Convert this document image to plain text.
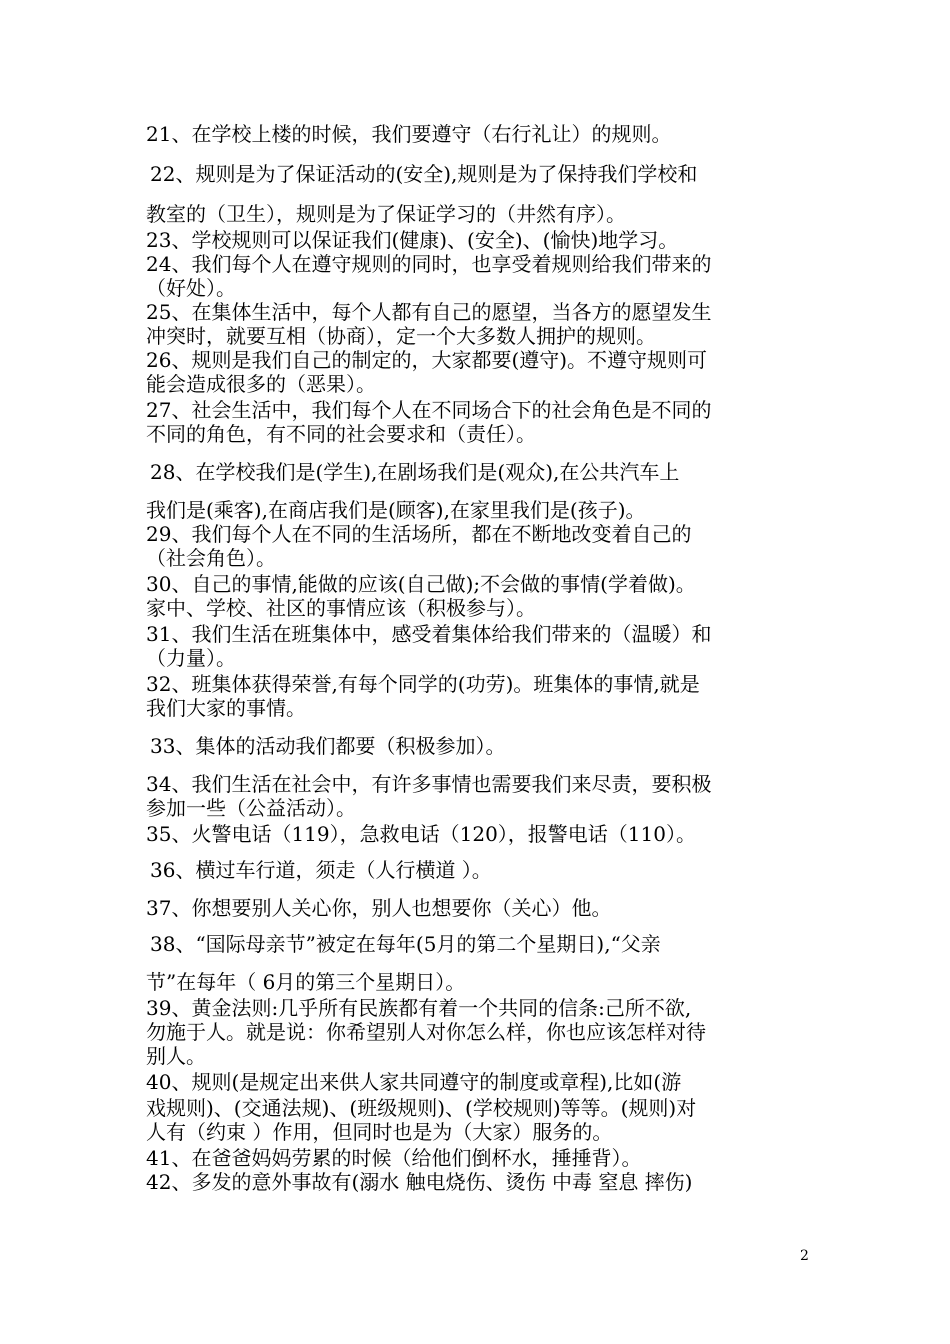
21、在学校上楼的时候，我们要遵守（右行礼让）的规则。
22、规则是为了保证活动的(安全),规则是为了保持我们学校和
教室的（卫生），规则是为了保证学习的（井然有序）。
23、学校规则可以保证我们(健康)、(安全)、(愉快)地学习。
24、我们每个人在遵守规则的同时，也享受着规则给我们带来的
（好处）。
25、在集体生活中，每个人都有自己的愿望，当各方的愿望发生
冲突时，就要互相（协商），定一个大多数人拥护的规则。
26、规则是我们自己的制定的，大家都要(遵守)。不遵守规则可
能会造成很多的（恶果）。
27、社会生活中，我们每个人在不同场合下的社会角色是不同的
不同的角色，有不同的社会要求和（责任）。
28、在学校我们是(学生),在剧场我们是(观众),在公共汽车上
我们是(乘客),在商店我们是(顾客),在家里我们是(孩子)。
29、我们每个人在不同的生活场所，都在不断地改变着自己的
（社会角色）。
30、自己的事情,能做的应该(自己做);不会做的事情(学着做)。
家中、学校、社区的事情应该（积极参与）。
31、我们生活在班集体中，感受着集体给我们带来的（温暖）和
（力量）。
32、班集体获得荣誉,有每个同学的(功劳)。班集体的事情,就是
我们大家的事情。
33、集体的活动我们都要（积极参加）。
34、我们生活在社会中，有许多事情也需要我们来尽责，要积极
参加一些（公益活动）。
35、火警电话（119），急救电话（120），报警电话（110）。
36、横过车行道，须走（人行横道 ）。
37、你想要别人关心你，别人也想要你（关心）他。
38、“国际母亲节”被定在每年(5月的第二个星期日),“父亲
节”在每年（ 6月的第三个星期日）。
39、黄金法则:几乎所有民族都有着一个共同的信条:己所不欲,
勿施于人。就是说：你希望别人对你怎么样，你也应该怎样对待
别人。
40、规则(是规定出来供人家共同遵守的制度或章程),比如(游
戏规则)、(交通法规)、(班级规则)、(学校规则)等等。(规则)对
人有（约束 ）作用，但同时也是为（大家）服务的。
41、在爸爸妈妈劳累的时候（给他们倒杯水，捶捶背）。
42、多发的意外事故有(溺水 触电烧伤、烫伤 中毒 窒息 摔伤)
2
